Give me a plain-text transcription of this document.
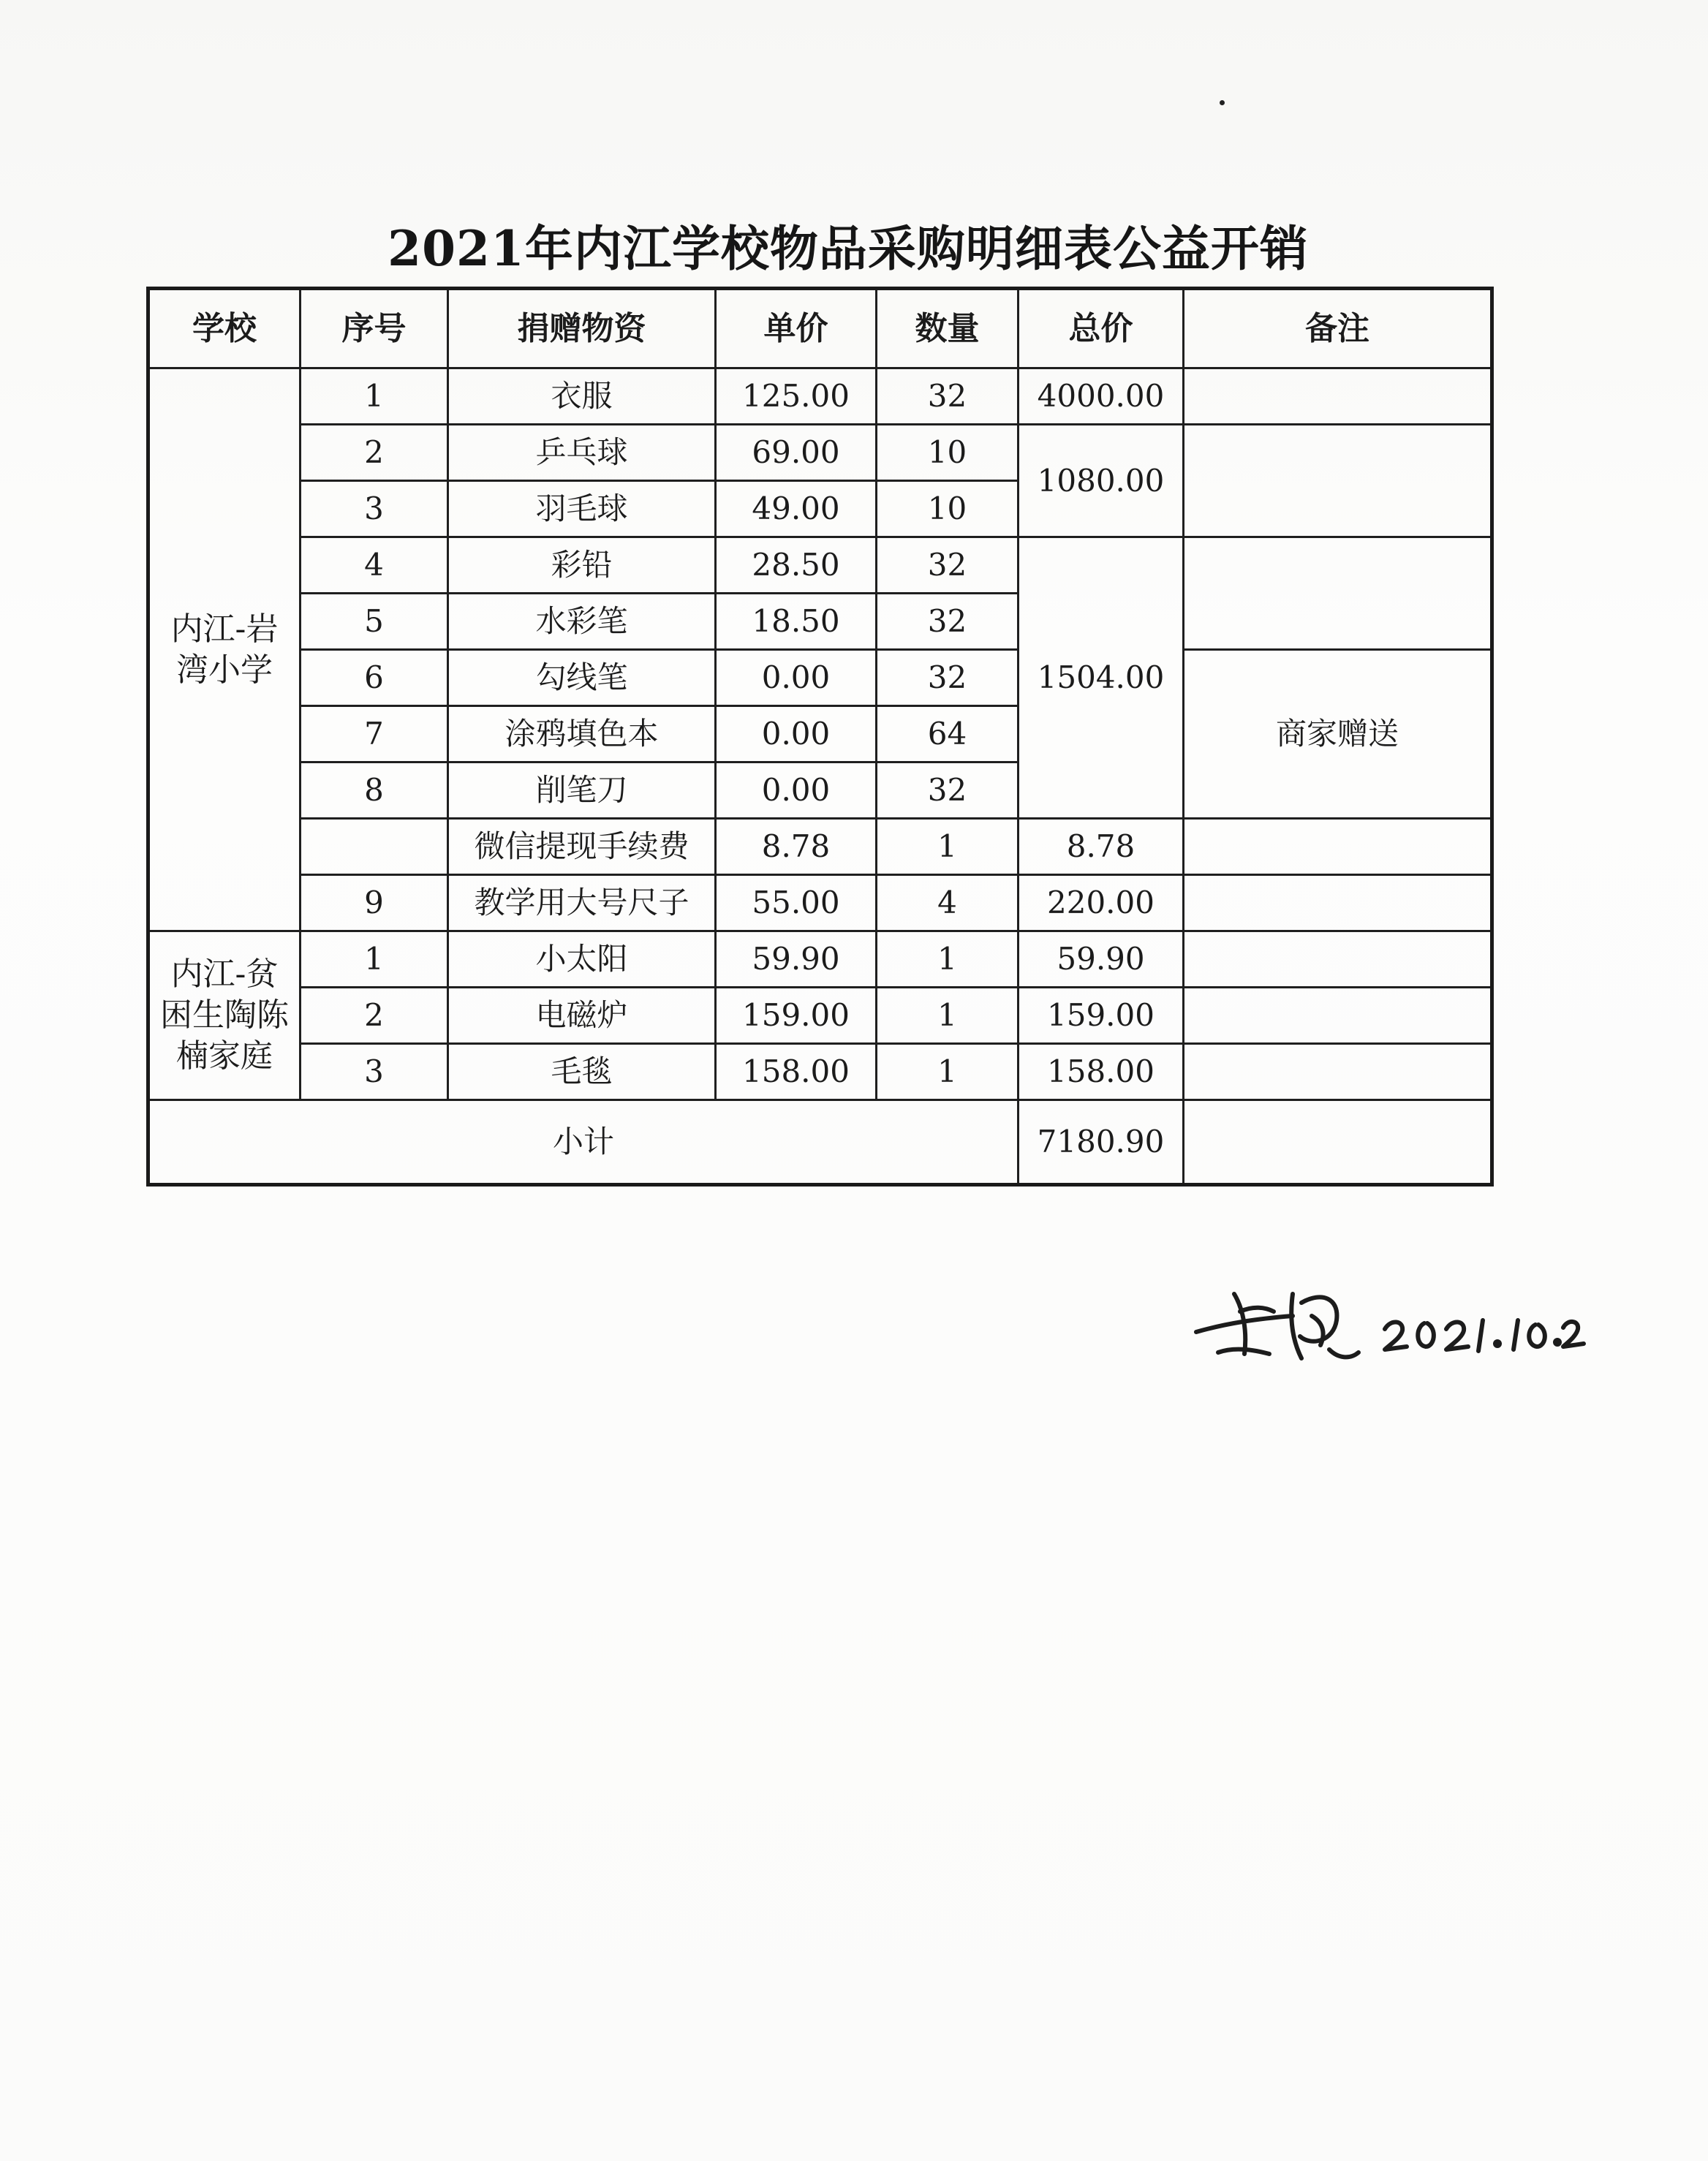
2021年内江学校物品采购明细表公益开销
学校	序号	捐赠物资	单价	数量	总价	备注

内江-岩湾小学	1	衣服	125.00	32	4000.00	
	2	乒乓球	69.00	10	1080.00	
	3	羽毛球	49.00	10		
	4	彩铅	28.50	32	1504.00	
	5	水彩笔	18.50	32		
	6	勾线笔	0.00	32		商家赠送
	7	涂鸦填色本	0.00	64		
	8	削笔刀	0.00	32		
		微信提现手续费	8.78	1	8.78	
	9	教学用大号尺子	55.00	4	220.00	

内江-贫困生陶陈楠家庭	1	小太阳	59.90	1	59.90	
	2	电磁炉	159.00	1	159.00	
	3	毛毯	158.00	1	158.00	
小计					7180.90	
